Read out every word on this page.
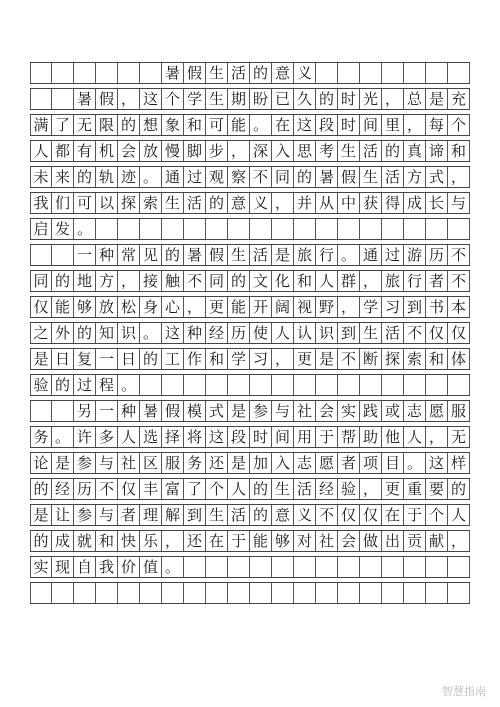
暑 假 生 活 的 意 义
暑 假 ， 这 个 学 生 期 盼 已 久 的 时 光 ， 总 是 充
满 了 无 限 的 想 象 和 可 能 。 在 这 段 时 间 里 ， 每 个
人 都 有 机 会 放 慢 脚 步 ， 深 入 思 考 生 活 的 真 谛 和
未 来 的 轨 迹 。 通 过 观 察 不 同 的 暑 假 生 活 方 式 ，
我 们 可 以 探 索 生 活 的 意 义 ， 并 从 中 获 得 成 长 与
启 发 。
一 种 常 见 的 暑 假 生 活 是 旅 行 。 通 过 游 历 不
同 的 地 方 ， 接 触 不 同 的 文 化 和 人 群 ， 旅 行 者 不
仅 能 够 放 松 身 心 ， 更 能 开 阔 视 野 ， 学 习 到 书 本
之 外 的 知 识 。 这 种 经 历 使 人 认 识 到 生 活 不 仅 仅
是 日 复 一 日 的 工 作 和 学 习 ， 更 是 不 断 探 索 和 体
验 的 过 程 。
另 一 种 暑 假 模 式 是 参 与 社 会 实 践 或 志 愿 服
务 。 许 多 人 选 择 将 这 段 时 间 用 于 帮 助 他 人 ， 无
论 是 参 与 社 区 服 务 还 是 加 入 志 愿 者 项 目 。 这 样
的 经 历 不 仅 丰 富 了 个 人 的 生 活 经 验 ， 更 重 要 的
是 让 参 与 者 理 解 到 生 活 的 意 义 不 仅 仅 在 于 个 人
的 成 就 和 快 乐 ， 还 在 于 能 够 对 社 会 做 出 贡 献 ，
实 现 自 我 价 值 。
智慧指南
